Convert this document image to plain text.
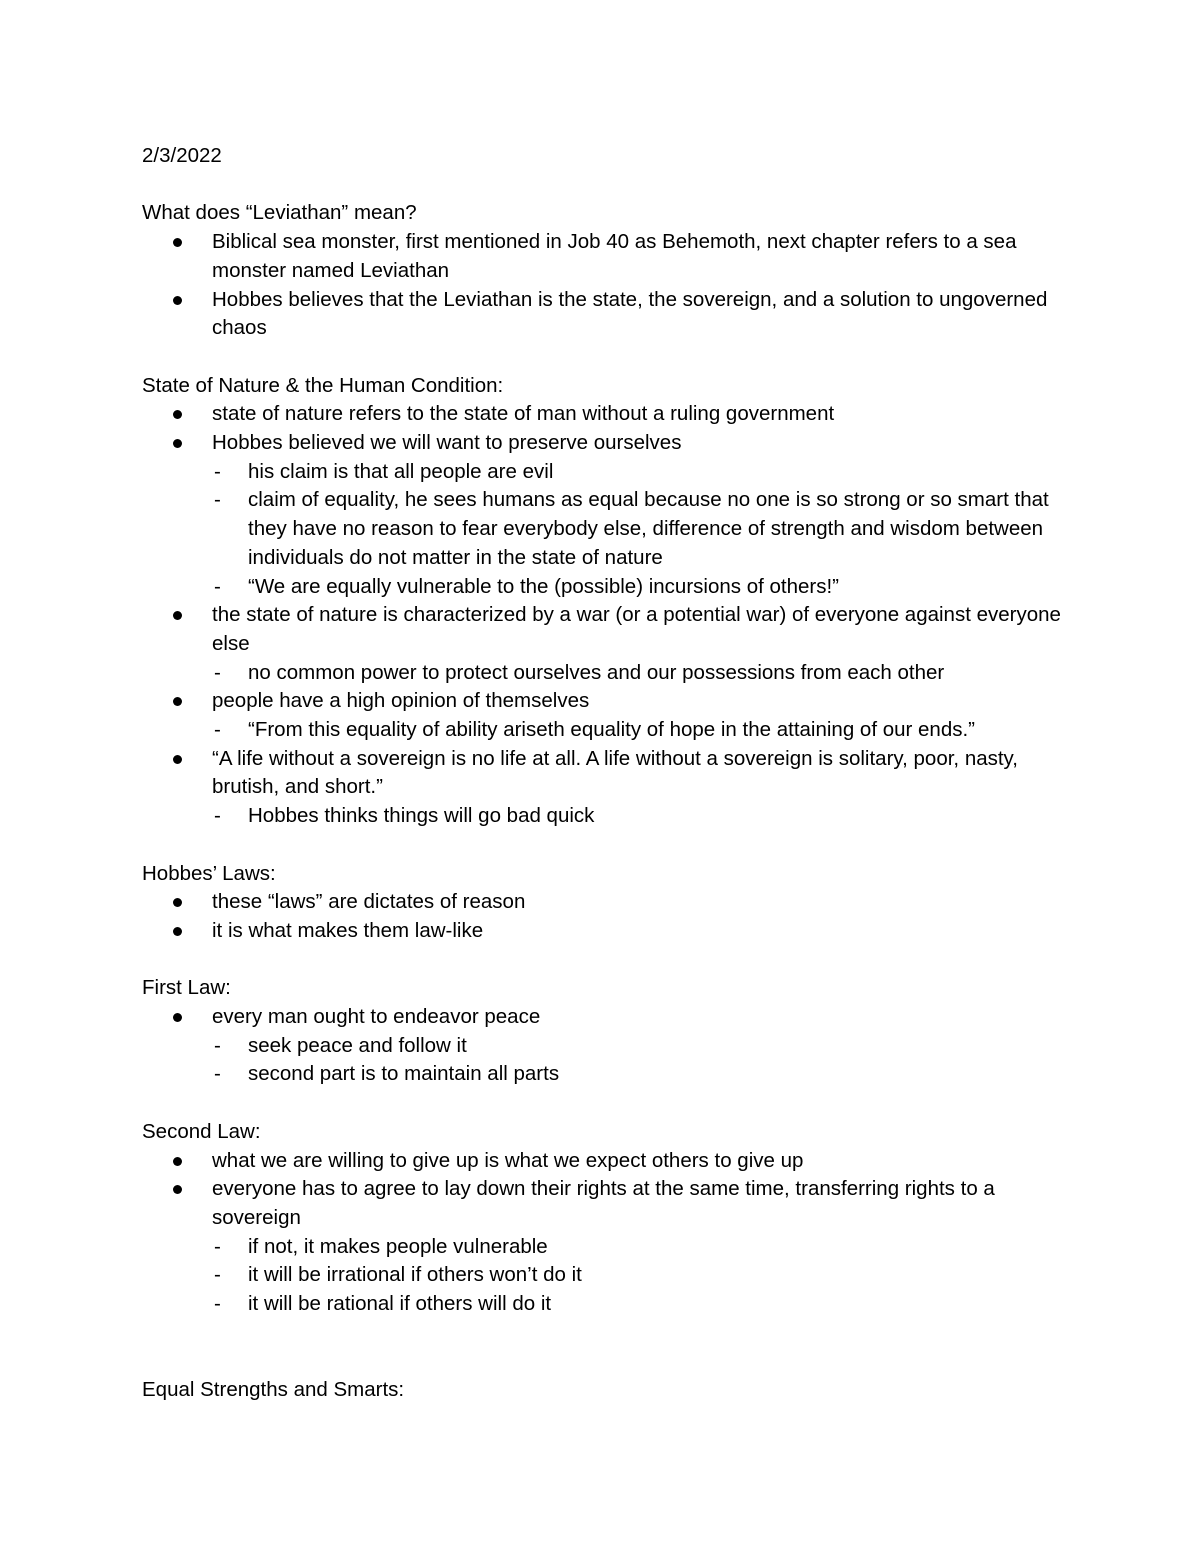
2/3/2022

What does “Leviathan” mean?

Biblical sea monster, first mentioned in Job 40 as Behemoth, next chapter refers to a sea monster named Leviathan
Hobbes believes that the Leviathan is the state, the sovereign, and a solution to ungoverned chaos

State of Nature & the Human Condition:

state of nature refers to the state of man without a ruling government
Hobbes believed we will want to preserve ourselves
- his claim is that all people are evil
- claim of equality, he sees humans as equal because no one is so strong or so smart that they have no reason to fear everybody else, difference of strength and wisdom between individuals do not matter in the state of nature
- “We are equally vulnerable to the (possible) incursions of others!”
the state of nature is characterized by a war (or a potential war) of everyone against everyone else
- no common power to protect ourselves and our possessions from each other
people have a high opinion of themselves
- “From this equality of ability ariseth equality of hope in the attaining of our ends.”
“A life without a sovereign is no life at all. A life without a sovereign is solitary, poor, nasty, brutish, and short.”
- Hobbes thinks things will go bad quick

Hobbes’ Laws:

these “laws” are dictates of reason
it is what makes them law-like

First Law:

every man ought to endeavor peace
- seek peace and follow it
- second part is to maintain all parts

Second Law:

what we are willing to give up is what we expect others to give up
everyone has to agree to lay down their rights at the same time, transferring rights to a sovereign
- if not, it makes people vulnerable
- it will be irrational if others won’t do it
- it will be rational if others will do it

Equal Strengths and Smarts:
